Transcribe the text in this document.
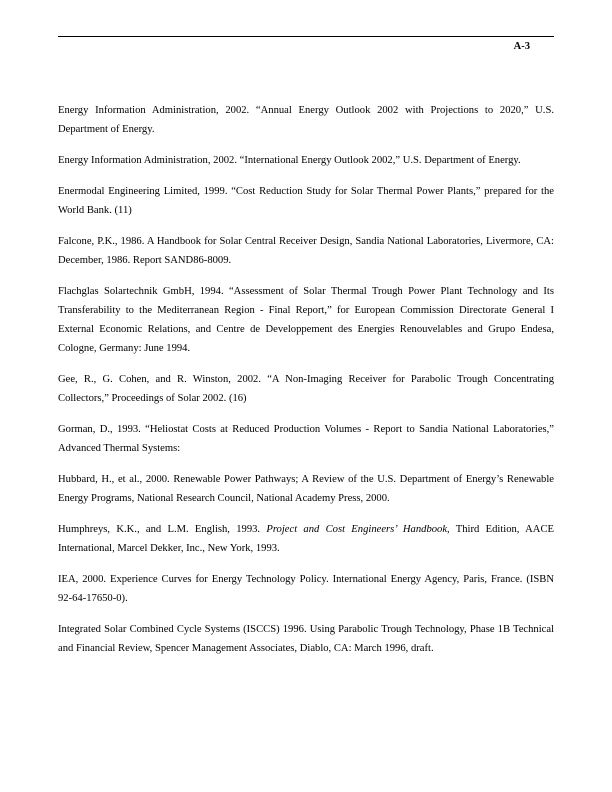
A-3

Energy Information Administration, 2002. “Annual Energy Outlook 2002 with Projections to 2020,” U.S. Department of Energy.

Energy Information Administration, 2002. “International Energy Outlook 2002,” U.S. Department of Energy.

Enermodal Engineering Limited, 1999. “Cost Reduction Study for Solar Thermal Power Plants,” prepared for the World Bank. (11)

Falcone, P.K., 1986. A Handbook for Solar Central Receiver Design, Sandia National Laboratories, Livermore, CA: December, 1986. Report SAND86-8009.

Flachglas Solartechnik GmbH, 1994. “Assessment of Solar Thermal Trough Power Plant Technology and Its Transferability to the Mediterranean Region - Final Report,” for European Commission Directorate General I External Economic Relations, and Centre de Developpement des Energies Renouvelables and Grupo Endesa, Cologne, Germany: June 1994.

Gee, R., G. Cohen, and R. Winston, 2002. “A Non-Imaging Receiver for Parabolic Trough Concentrating Collectors,” Proceedings of Solar 2002. (16)

Gorman, D., 1993. “Heliostat Costs at Reduced Production Volumes - Report to Sandia National Laboratories,” Advanced Thermal Systems:

Hubbard, H., et al., 2000. Renewable Power Pathways; A Review of the U.S. Department of Energy’s Renewable Energy Programs, National Research Council, National Academy Press, 2000.

Humphreys, K.K., and L.M. English, 1993. Project and Cost Engineers’ Handbook, Third Edition, AACE International, Marcel Dekker, Inc., New York, 1993.

IEA, 2000. Experience Curves for Energy Technology Policy. International Energy Agency, Paris, France. (ISBN 92-64-17650-0).

Integrated Solar Combined Cycle Systems (ISCCS) 1996. Using Parabolic Trough Technology, Phase 1B Technical and Financial Review, Spencer Management Associates, Diablo, CA: March 1996, draft.
